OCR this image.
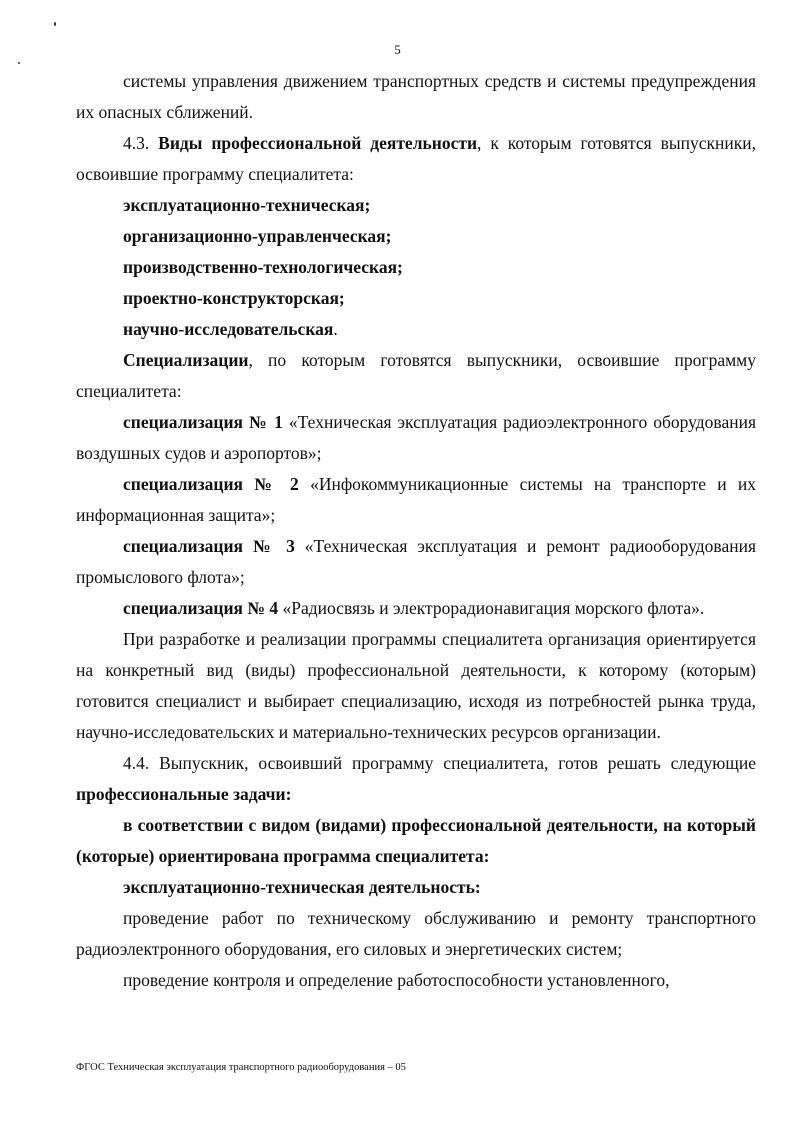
5

системы управления движением транспортных средств и системы предупреждения их опасных сближений.

4.3. Виды профессиональной деятельности, к которым готовятся выпускники, освоившие программу специалитета:

эксплуатационно-техническая;

организационно-управленческая;

производственно-технологическая;

проектно-конструкторская;

научно-исследовательская.

Специализации, по которым готовятся выпускники, освоившие программу специалитета:

специализация № 1 «Техническая эксплуатация радиоэлектронного оборудования воздушных судов и аэропортов»;

специализация № 2 «Инфокоммуникационные системы на транспорте и их информационная защита»;

специализация № 3 «Техническая эксплуатация и ремонт радиооборудования промыслового флота»;

специализация № 4 «Радиосвязь и электрорадионавигация морского флота».

При разработке и реализации программы специалитета организация ориентируется на конкретный вид (виды) профессиональной деятельности, к которому (которым) готовится специалист и выбирает специализацию, исходя из потребностей рынка труда, научно-исследовательских и материально-технических ресурсов организации.

4.4. Выпускник, освоивший программу специалитета, готов решать следующие профессиональные задачи:

в соответствии с видом (видами) профессиональной деятельности, на который (которые) ориентирована программа специалитета:

эксплуатационно-техническая деятельность:

проведение работ по техническому обслуживанию и ремонту транспортного радиоэлектронного оборудования, его силовых и энергетических систем;

проведение контроля и определение работоспособности установленного,

ФГОС Техническая эксплуатация транспортного радиооборудования – 05
